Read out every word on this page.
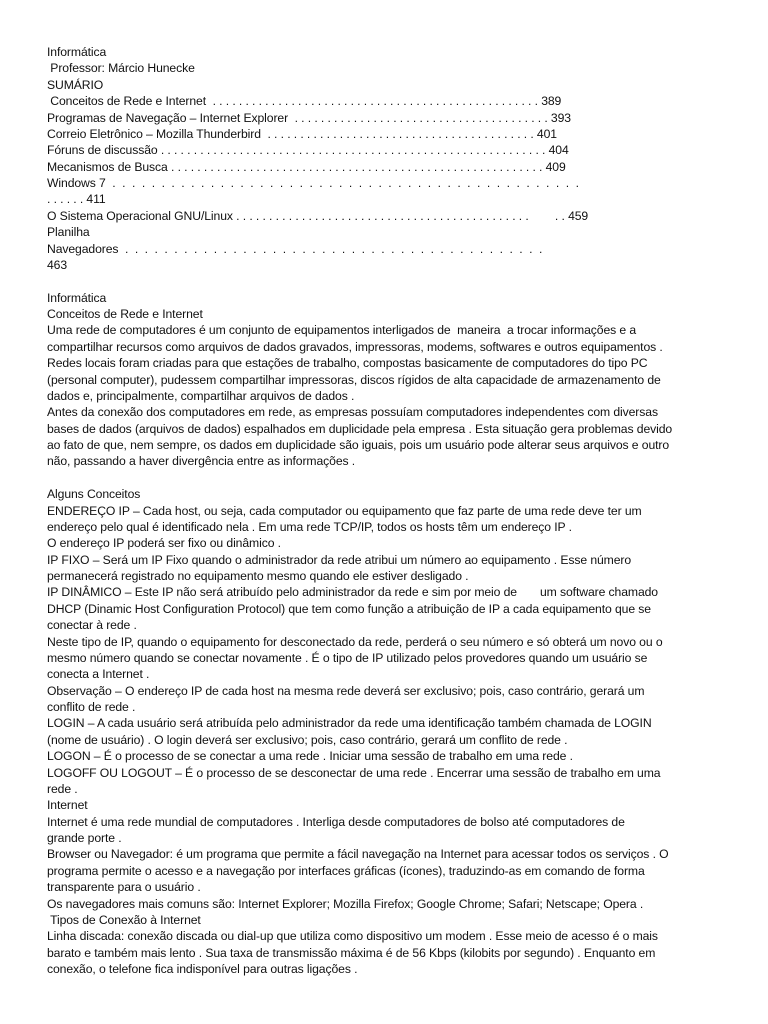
Informática
Professor: Márcio Hunecke
SUMÁRIO
Conceitos de Rede e Internet  . . . . . . . . . . . . . . . . . . . . . . . . . . . . . . . . . . . . . . . . . . . . . . . . . . 389
Programas de Navegação – Internet Explorer  . . . . . . . . . . . . . . . . . . . . . . . . . . . . . . . . . . . . . . . 393
Correio Eletrônico – Mozilla Thunderbird  . . . . . . . . . . . . . . . . . . . . . . . . . . . . . . . . . . . . . . . . . 401
Fóruns de discussão . . . . . . . . . . . . . . . . . . . . . . . . . . . . . . . . . . . . . . . . . . . . . . . . . . . . . . . . . . . 404
Mecanismos de Busca . . . . . . . . . . . . . . . . . . . . . . . . . . . . . . . . . . . . . . . . . . . . . . . . . . . . . . . . . 409
Windows 7  .  .  .  .  .  .  .  .  .  .  .  .  .  .  .  .  .  .  .  .  .  .  .  .  .  .  .  .  .  .  .  .  .  .  .  .  .  .  .  .  .  .  .  .  .  .  .  .
. . . . . . 411
O Sistema Operacional GNU/Linux . . . . . . . . . . . . . . . . . . . . . . . . . . . . . . . . . . . . . . . . . . . . .        . . 459
Planilha
Navegadores  .  .  .  .  .  .  .  .  .  .  .  .  .  .  .  .  .  .  .  .  .  .  .  .  .  .  .  .  .  .  .  .  .  .  .  .  .  .  .  .  .  .  .
463
Informática
Conceitos de Rede e Internet
Uma rede de computadores é um conjunto de equipamentos interligados de  maneira  a trocar informações e a
compartilhar recursos como arquivos de dados gravados, impressoras, modems, softwares e outros equipamentos .
Redes locais foram criadas para que estações de trabalho, compostas basicamente de computadores do tipo PC
(personal computer), pudessem compartilhar impressoras, discos rígidos de alta capacidade de armazenamento de
dados e, principalmente, compartilhar arquivos de dados .
Antes da conexão dos computadores em rede, as empresas possuíam computadores independentes com diversas
bases de dados (arquivos de dados) espalhados em duplicidade pela empresa . Esta situação gera problemas devido
ao fato de que, nem sempre, os dados em duplicidade são iguais, pois um usuário pode alterar seus arquivos e outro
não, passando a haver divergência entre as informações .
Alguns Conceitos
ENDEREÇO IP – Cada host, ou seja, cada computador ou equipamento que faz parte de uma rede deve ter um
endereço pelo qual é identificado nela . Em uma rede TCP/IP, todos os hosts têm um endereço IP .
O endereço IP poderá ser fixo ou dinâmico .
IP FIXO – Será um IP Fixo quando o administrador da rede atribui um número ao equipamento . Esse número
permanecerá registrado no equipamento mesmo quando ele estiver desligado .
IP DINÂMICO – Este IP não será atribuído pelo administrador da rede e sim por meio de       um software chamado
DHCP (Dinamic Host Configuration Protocol) que tem como função a atribuição de IP a cada equipamento que se
conectar à rede .
Neste tipo de IP, quando o equipamento for desconectado da rede, perderá o seu número e só obterá um novo ou o
mesmo número quando se conectar novamente . É o tipo de IP utilizado pelos provedores quando um usuário se
conecta a Internet .
Observação – O endereço IP de cada host na mesma rede deverá ser exclusivo; pois, caso contrário, gerará um
conflito de rede .
LOGIN – A cada usuário será atribuída pelo administrador da rede uma identificação também chamada de LOGIN
(nome de usuário) . O login deverá ser exclusivo; pois, caso contrário, gerará um conflito de rede .
LOGON – É o processo de se conectar a uma rede . Iniciar uma sessão de trabalho em uma rede .
LOGOFF OU LOGOUT – É o processo de se desconectar de uma rede . Encerrar uma sessão de trabalho em uma
rede .
Internet
Internet é uma rede mundial de computadores . Interliga desde computadores de bolso até computadores de
grande porte .
Browser ou Navegador: é um programa que permite a fácil navegação na Internet para acessar todos os serviços . O
programa permite o acesso e a navegação por interfaces gráficas (ícones), traduzindo-as em comando de forma
transparente para o usuário .
Os navegadores mais comuns são: Internet Explorer; Mozilla Firefox; Google Chrome; Safari; Netscape; Opera .
Tipos de Conexão à Internet
Linha discada: conexão discada ou dial-up que utiliza como dispositivo um modem . Esse meio de acesso é o mais
barato e também mais lento . Sua taxa de transmissão máxima é de 56 Kbps (kilobits por segundo) . Enquanto em
conexão, o telefone fica indisponível para outras ligações .
